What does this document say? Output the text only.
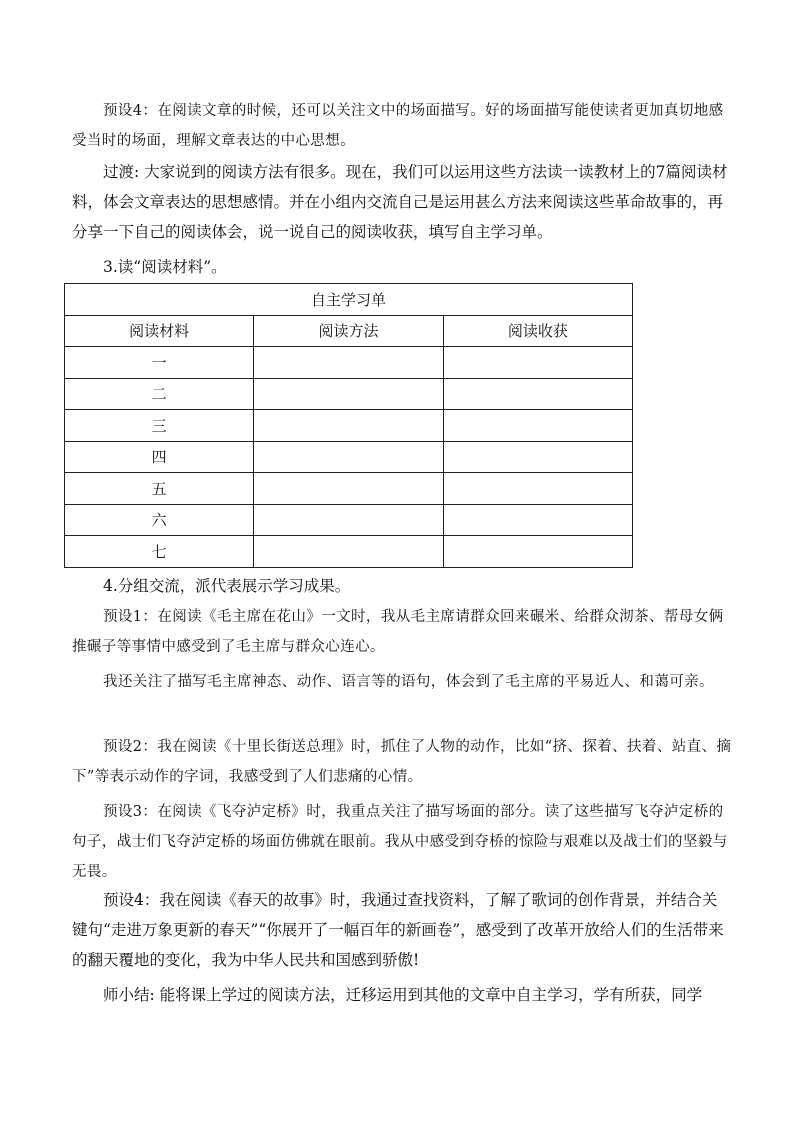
预设4：在阅读文章的时候，还可以关注文中的场面描写。好的场面描写能使读者更加真切地感受当时的场面，理解文章表达的中心思想。

过渡: 大家说到的阅读方法有很多。现在，我们可以运用这些方法读一读教材上的7篇阅读材料，体会文章表达的思想感情。并在小组内交流自己是运用甚么方法来阅读这些革命故事的，再分享一下自己的阅读体会，说一说自己的阅读收获，填写自主学习单。

3.读“阅读材料”。

自主学习单		
阅读材料	阅读方法	阅读收获
一		
二		
三		
四		
五		
六		
七		

4.分组交流，派代表展示学习成果。

预设1：在阅读《毛主席在花山》一文时，我从毛主席请群众回来碾米、给群众沏茶、帮母女俩推碾子等事情中感受到了毛主席与群众心连心。

我还关注了描写毛主席神态、动作、语言等的语句，体会到了毛主席的平易近人、和蔼可亲。

预设2：我在阅读《十里长街送总理》时，抓住了人物的动作，比如“挤、探着、扶着、站直、摘下”等表示动作的字词，我感受到了人们悲痛的心情。

预设3：在阅读《飞夺泸定桥》时，我重点关注了描写场面的部分。读了这些描写飞夺泸定桥的句子，战士们飞夺泸定桥的场面仿佛就在眼前。我从中感受到夺桥的惊险与艰难以及战士们的坚毅与无畏。

预设4：我在阅读《春天的故事》时，我通过查找资料，了解了歌词的创作背景，并结合关键句“走进万象更新的春天”“你展开了一幅百年的新画卷”，感受到了改革开放给人们的生活带来的翻天覆地的变化，我为中华人民共和国感到骄傲!

师小结: 能将课上学过的阅读方法，迁移运用到其他的文章中自主学习，学有所获，同学
